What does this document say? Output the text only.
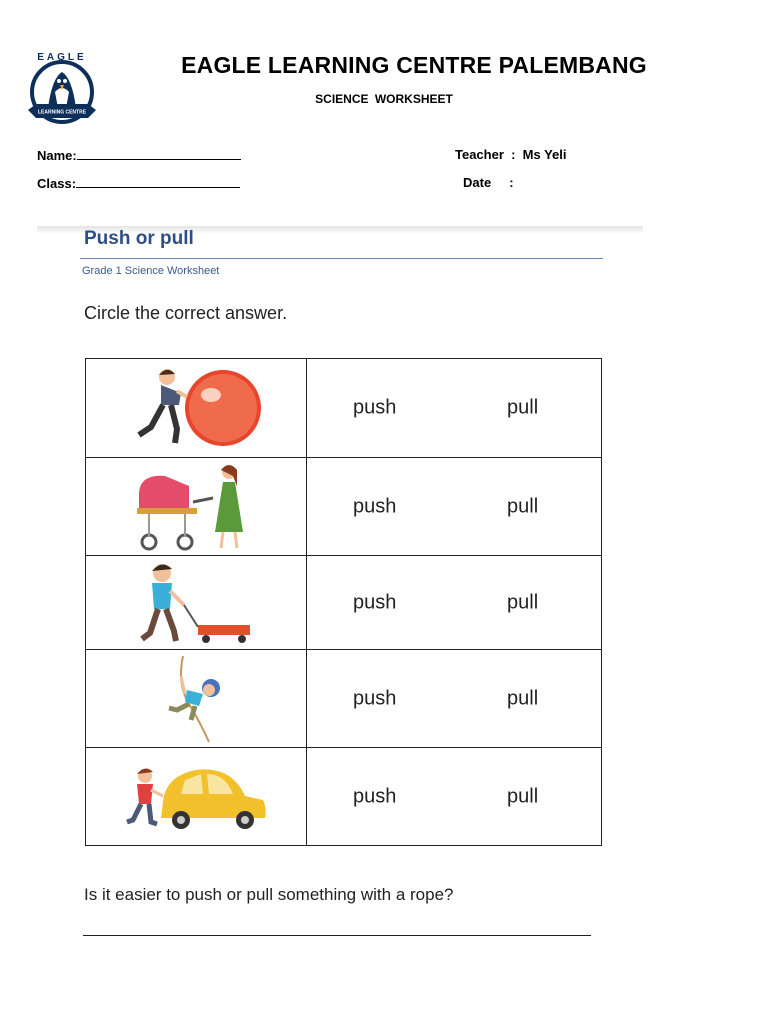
LEARNING CENTRE
EAGLE	EAGLE LEARNING CENTRE PALEMBANG
SCIENCE WORKSHEET
Name:
Class:
Teacher  :  Ms Yeli
Date     :
Push or pull
Grade 1 Science Worksheet
Circle the correct answer.

push pull

push pull

push pull

push pull

push pull
Is it easier to push or pull something with a rope?
